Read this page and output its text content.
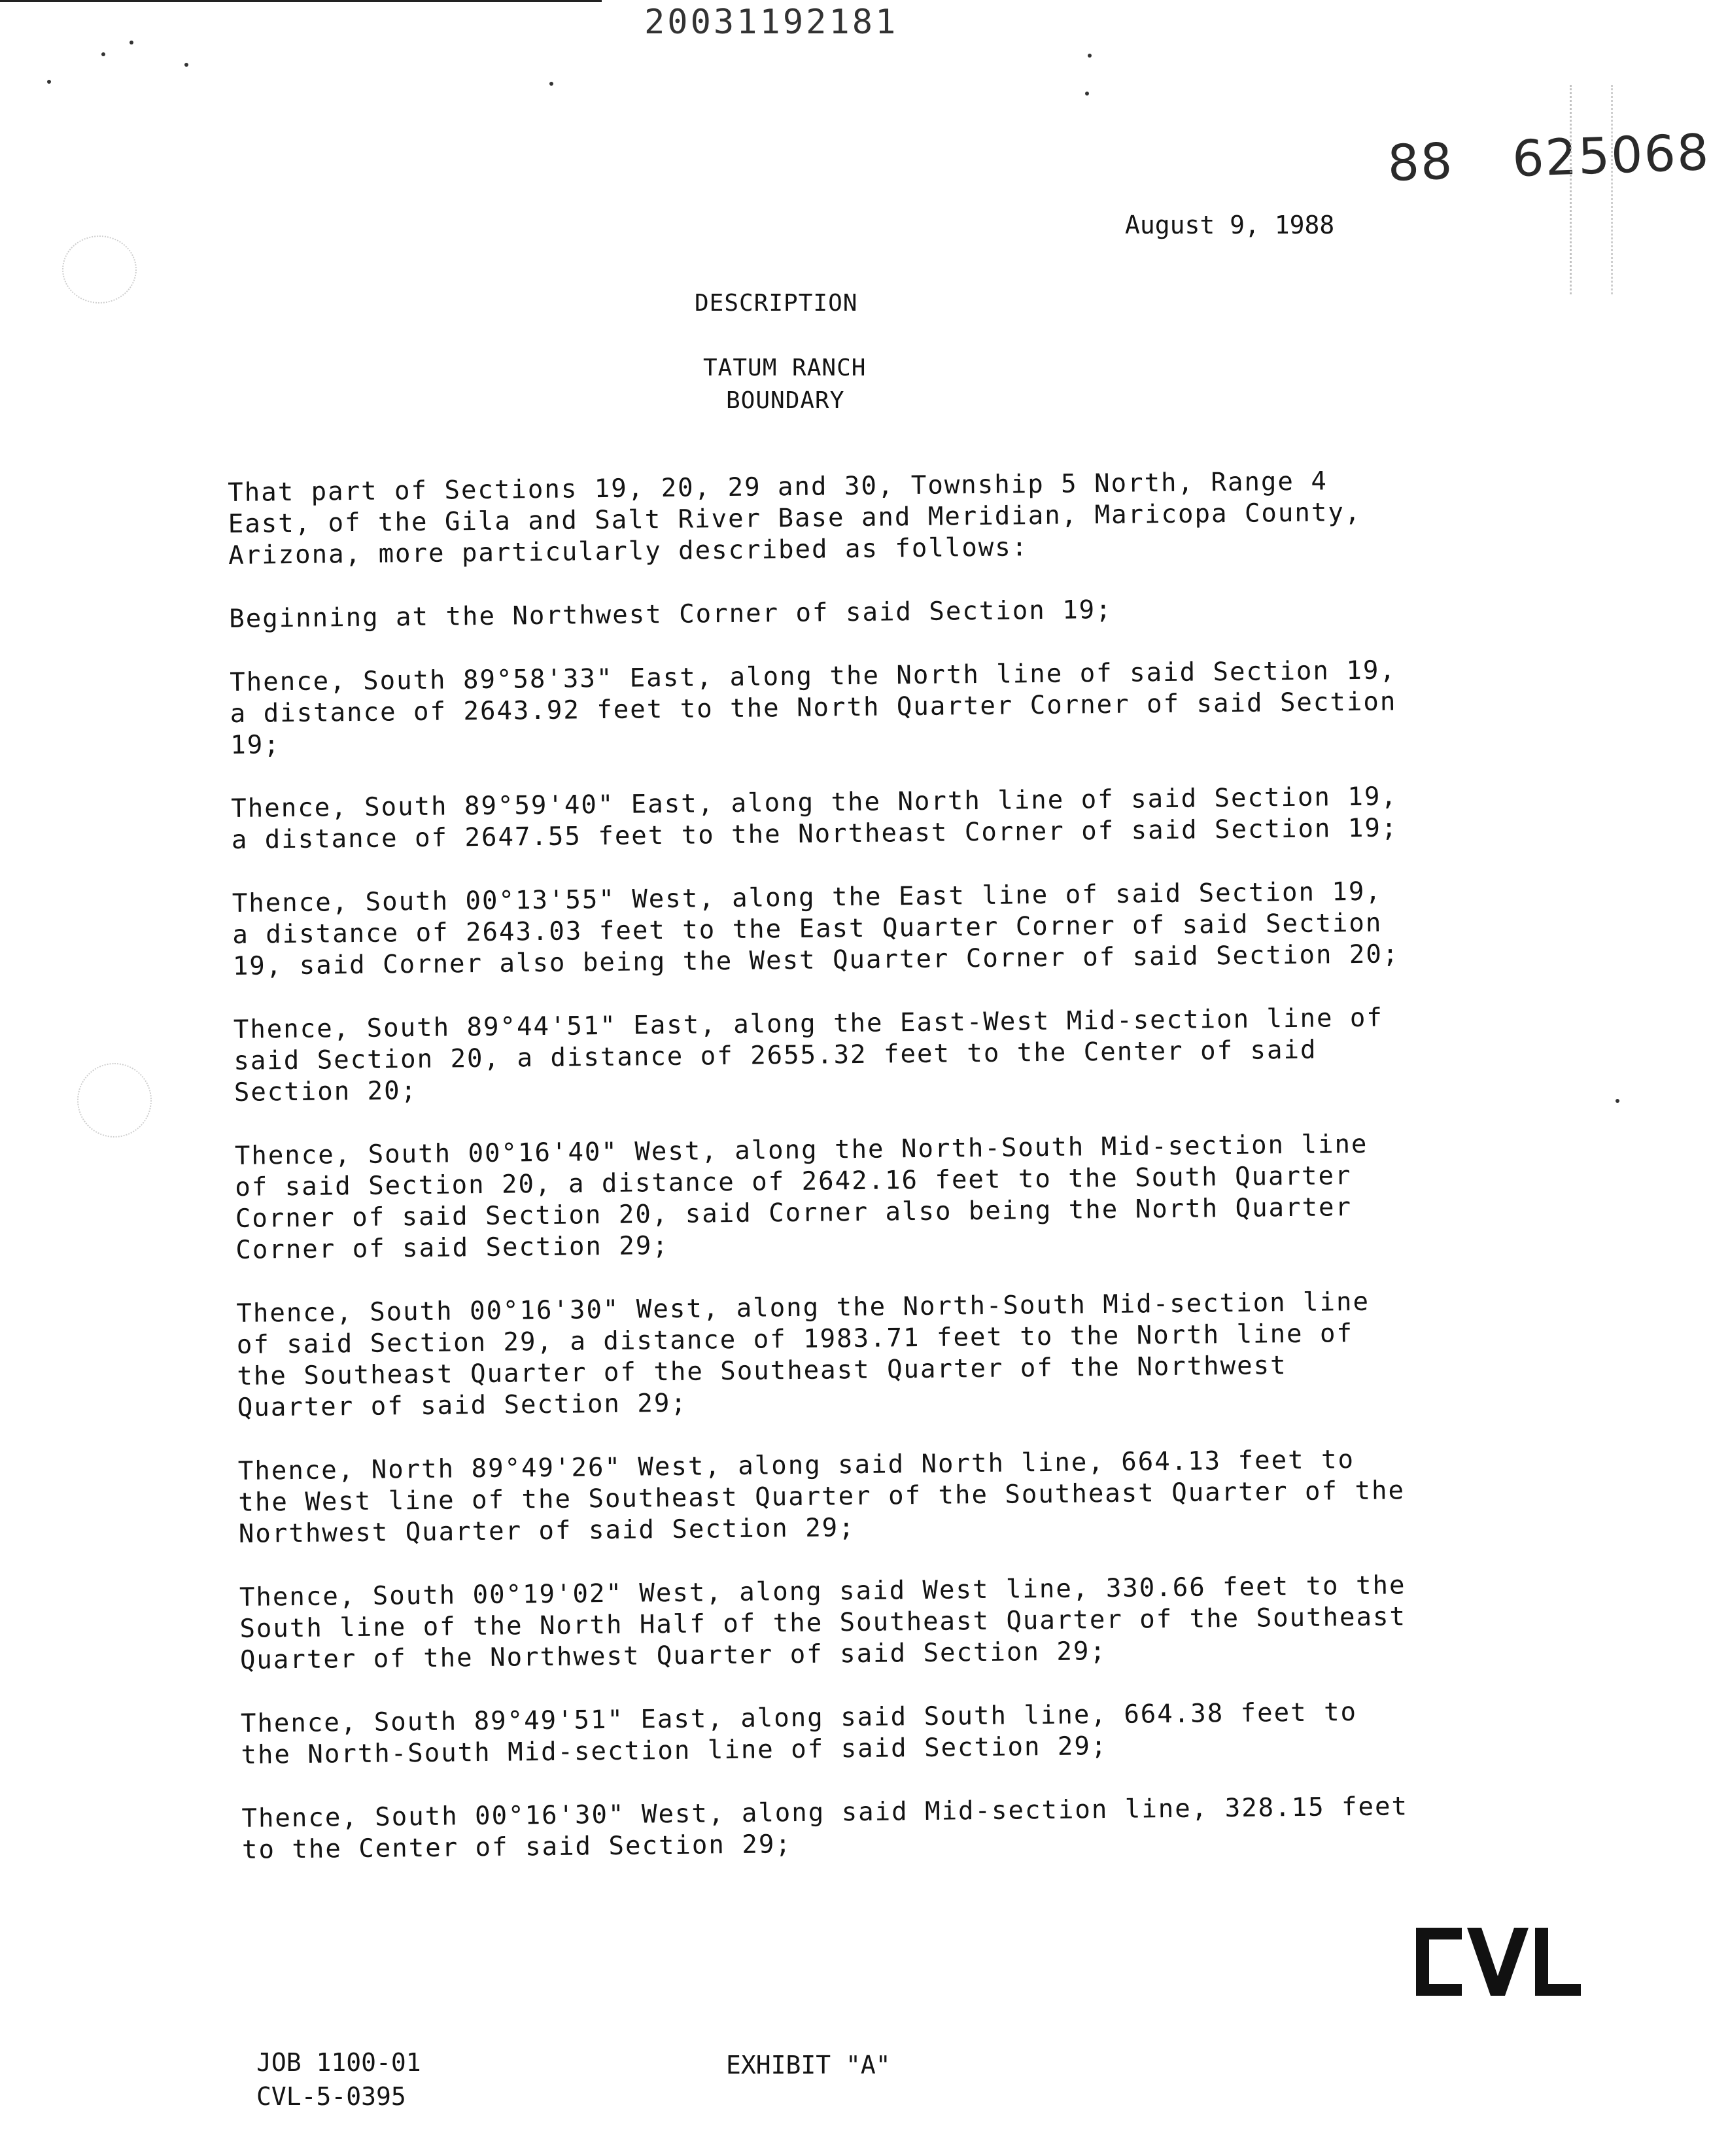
20031192181
88 625068
August 9, 1988
DESCRIPTION
TATUM RANCH
BOUNDARY

That part of Sections 19, 20, 29 and 30, Township 5 North, Range 4
East, of the Gila and Salt River Base and Meridian, Maricopa County,
Arizona, more particularly described as follows:

Beginning at the Northwest Corner of said Section 19;

Thence, South 89°58'33" East, along the North line of said Section 19,
a distance of 2643.92 feet to the North Quarter Corner of said Section
19;

Thence, South 89°59'40" East, along the North line of said Section 19,
a distance of 2647.55 feet to the Northeast Corner of said Section 19;

Thence, South 00°13'55" West, along the East line of said Section 19,
a distance of 2643.03 feet to the East Quarter Corner of said Section
19, said Corner also being the West Quarter Corner of said Section 20;

Thence, South 89°44'51" East, along the East-West Mid-section line of
said Section 20, a distance of 2655.32 feet to the Center of said
Section 20;

Thence, South 00°16'40" West, along the North-South Mid-section line
of said Section 20, a distance of 2642.16 feet to the South Quarter
Corner of said Section 20, said Corner also being the North Quarter
Corner of said Section 29;

Thence, South 00°16'30" West, along the North-South Mid-section line
of said Section 29, a distance of 1983.71 feet to the North line of
the Southeast Quarter of the Southeast Quarter of the Northwest
Quarter of said Section 29;

Thence, North 89°49'26" West, along said North line, 664.13 feet to
the West line of the Southeast Quarter of the Southeast Quarter of the
Northwest Quarter of said Section 29;

Thence, South 00°19'02" West, along said West line, 330.66 feet to the
South line of the North Half of the Southeast Quarter of the Southeast
Quarter of the Northwest Quarter of said Section 29;

Thence, South 89°49'51" East, along said South line, 664.38 feet to
the North-South Mid-section line of said Section 29;

Thence, South 00°16'30" West, along said Mid-section line, 328.15 feet
to the Center of said Section 29;

JOB 1100-01
CVL-5-0395
EXHIBIT "A"
